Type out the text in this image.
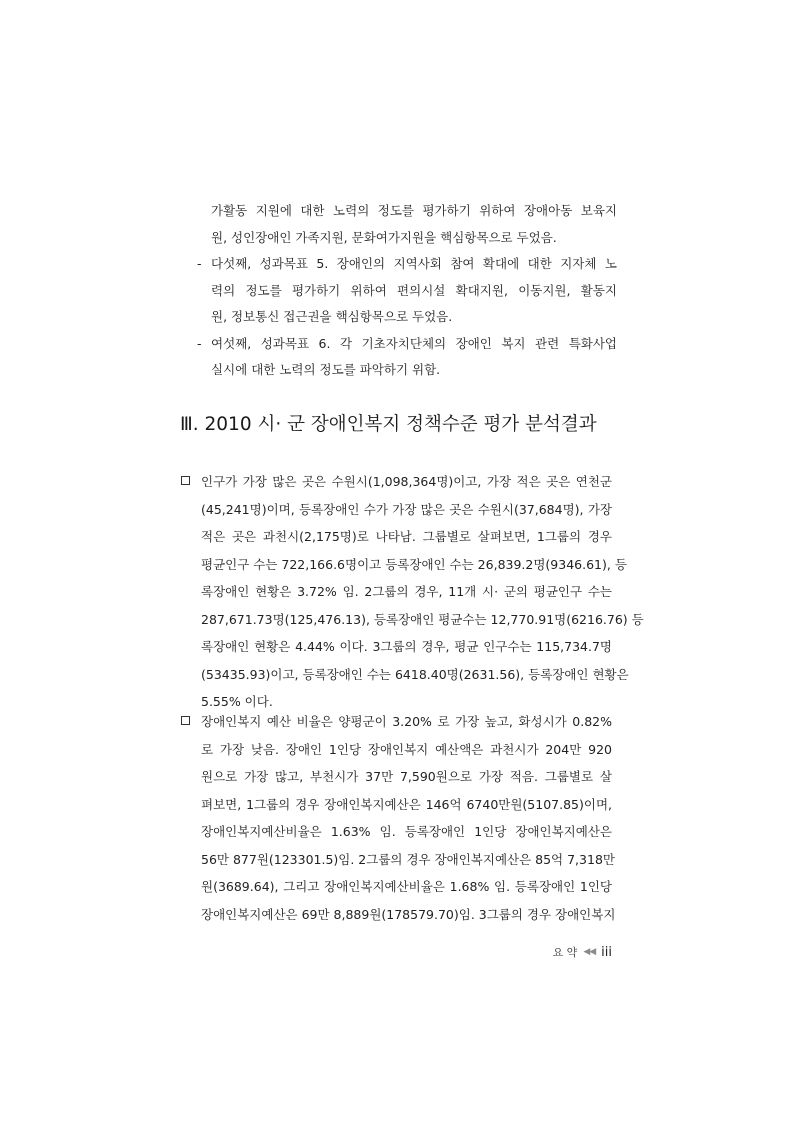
가활동 지원에 대한 노력의 정도를 평가하기 위하여 장애아동 보육지
원, 성인장애인 가족지원, 문화여가지원을 핵심항목으로 두었음.
- 다섯째, 성과목표 5. 장애인의 지역사회 참여 확대에 대한 지자체 노
력의 정도를 평가하기 위하여 편의시설 확대지원, 이동지원, 활동지
원, 정보통신 접근권을 핵심항목으로 두었음.
- 여섯째, 성과목표 6. 각 기초자치단체의 장애인 복지 관련 특화사업
실시에 대한 노력의 정도를 파악하기 위함.
Ⅲ. 2010 시· 군 장애인복지 정책수준 평가 분석결과
인구가 가장 많은 곳은 수원시(1,098,364명)이고, 가장 적은 곳은 연천군
(45,241명)이며, 등록장애인 수가 가장 많은 곳은 수원시(37,684명), 가장
적은 곳은 과천시(2,175명)로 나타남. 그룹별로 살펴보면, 1그룹의 경우
평균인구 수는 722,166.6명이고 등록장애인 수는 26,839.2명(9346.61), 등
록장애인 현황은 3.72% 임. 2그룹의 경우, 11개 시· 군의 평균인구 수는
287,671.73명(125,476.13), 등록장애인 평균수는 12,770.91명(6216.76) 등
록장애인 현황은 4.44% 이다. 3그룹의 경우, 평균 인구수는 115,734.7명
(53435.93)이고, 등록장애인 수는 6418.40명(2631.56), 등록장애인 현황은
5.55% 이다.
장애인복지 예산 비율은 양평군이 3.20% 로 가장 높고, 화성시가 0.82%
로 가장 낮음. 장애인 1인당 장애인복지 예산액은 과천시가 204만 920
원으로 가장 많고, 부천시가 37만 7,590원으로 가장 적음. 그룹별로 살
펴보면, 1그룹의 경우 장애인복지예산은 146억 6740만원(5107.85)이며,
장애인복지예산비율은 1.63% 임. 등록장애인 1인당 장애인복지예산은
56만 877원(123301.5)임. 2그룹의 경우 장애인복지예산은 85억 7,318만
원(3689.64), 그리고 장애인복지예산비율은 1.68% 임. 등록장애인 1인당
장애인복지예산은 69만 8,889원(178579.70)임. 3그룹의 경우 장애인복지
요 약 ◀◀ iii
